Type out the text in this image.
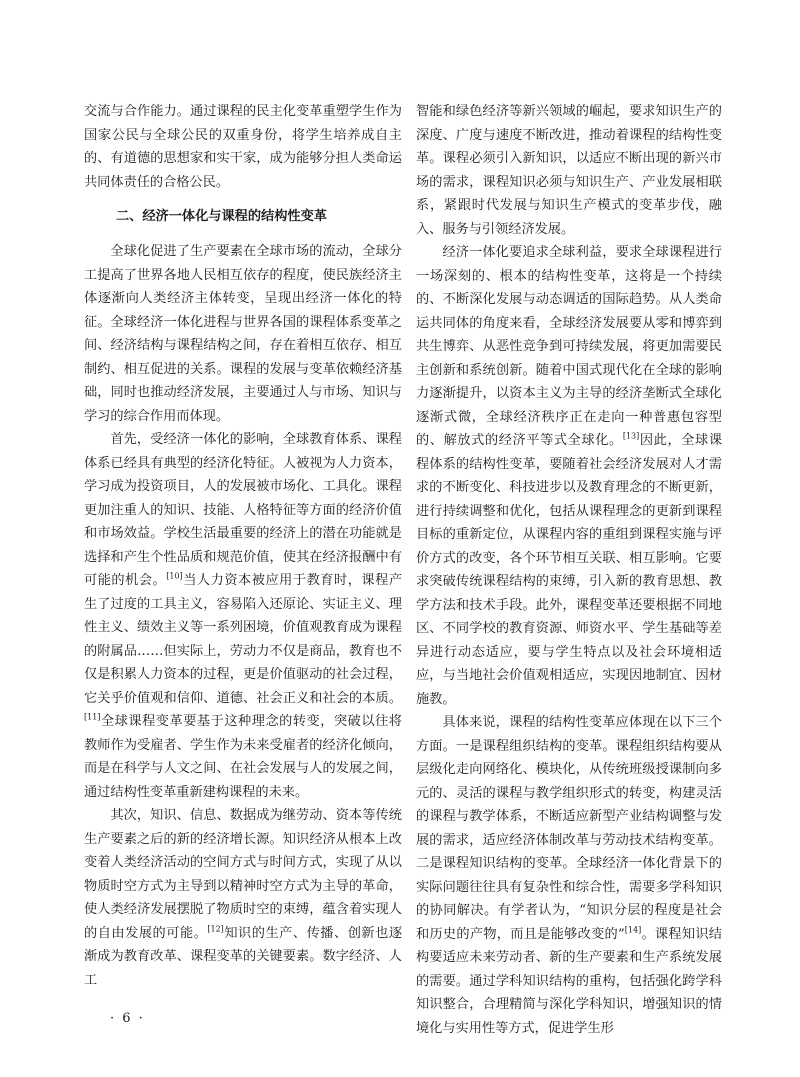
交流与合作能力。通过课程的民主化变革重塑学生作为国家公民与全球公民的双重身份，将学生培养成自主的、有道德的思想家和实干家，成为能够分担人类命运共同体责任的合格公民。

二、经济一体化与课程的结构性变革

全球化促进了生产要素在全球市场的流动，全球分工提高了世界各地人民相互依存的程度，使民族经济主体逐渐向人类经济主体转变，呈现出经济一体化的特征。全球经济一体化进程与世界各国的课程体系变革之间、经济结构与课程结构之间，存在着相互依存、相互制约、相互促进的关系。课程的发展与变革依赖经济基础，同时也推动经济发展，主要通过人与市场、知识与学习的综合作用而体现。

首先，受经济一体化的影响，全球教育体系、课程体系已经具有典型的经济化特征。人被视为人力资本，学习成为投资项目，人的发展被市场化、工具化。课程更加注重人的知识、技能、人格特征等方面的经济价值和市场效益。学校生活最重要的经济上的潜在功能就是选择和产生个性品质和规范价值，使其在经济报酬中有可能的机会。[10]当人力资本被应用于教育时，课程产生了过度的工具主义，容易陷入还原论、实证主义、理性主义、绩效主义等一系列困境，价值观教育成为课程的附属品……但实际上，劳动力不仅是商品，教育也不仅是积累人力资本的过程，更是价值驱动的社会过程，它关乎价值观和信仰、道德、社会正义和社会的本质。[11]全球课程变革要基于这种理念的转变，突破以往将教师作为受雇者、学生作为未来受雇者的经济化倾向，而是在科学与人文之间、在社会发展与人的发展之间，通过结构性变革重新建构课程的未来。

其次，知识、信息、数据成为继劳动、资本等传统生产要素之后的新的经济增长源。知识经济从根本上改变着人类经济活动的空间方式与时间方式，实现了从以物质时空方式为主导到以精神时空方式为主导的革命，使人类经济发展摆脱了物质时空的束缚，蕴含着实现人的自由发展的可能。[12]知识的生产、传播、创新也逐渐成为教育改革、课程变革的关键要素。数字经济、人工

智能和绿色经济等新兴领域的崛起，要求知识生产的深度、广度与速度不断改进，推动着课程的结构性变革。课程必须引入新知识，以适应不断出现的新兴市场的需求，课程知识必须与知识生产、产业发展相联系，紧跟时代发展与知识生产模式的变革步伐，融入、服务与引领经济发展。

经济一体化要追求全球利益，要求全球课程进行一场深刻的、根本的结构性变革，这将是一个持续的、不断深化发展与动态调适的国际趋势。从人类命运共同体的角度来看，全球经济发展要从零和博弈到共生博弈、从恶性竞争到可持续发展，将更加需要民主创新和系统创新。随着中国式现代化在全球的影响力逐渐提升，以资本主义为主导的经济垄断式全球化逐渐式微，全球经济秩序正在走向一种普惠包容型的、解放式的经济平等式全球化。[13]因此，全球课程体系的结构性变革，要随着社会经济发展对人才需求的不断变化、科技进步以及教育理念的不断更新，进行持续调整和优化，包括从课程理念的更新到课程目标的重新定位，从课程内容的重组到课程实施与评价方式的改变，各个环节相互关联、相互影响。它要求突破传统课程结构的束缚，引入新的教育思想、教学方法和技术手段。此外，课程变革还要根据不同地区、不同学校的教育资源、师资水平、学生基础等差异进行动态适应，要与学生特点以及社会环境相适应，与当地社会价值观相适应，实现因地制宜、因材施教。

具体来说，课程的结构性变革应体现在以下三个方面。一是课程组织结构的变革。课程组织结构要从层级化走向网络化、模块化，从传统班级授课制向多元的、灵活的课程与教学组织形式的转变，构建灵活的课程与教学体系，不断适应新型产业结构调整与发展的需求，适应经济体制改革与劳动技术结构变革。二是课程知识结构的变革。全球经济一体化背景下的实际问题往往具有复杂性和综合性，需要多学科知识的协同解决。有学者认为，“知识分层的程度是社会和历史的产物，而且是能够改变的”[14]。课程知识结构要适应未来劳动者、新的生产要素和生产系统发展的需要。通过学科知识结构的重构，包括强化跨学科知识整合，合理精简与深化学科知识，增强知识的情境化与实用性等方式，促进学生形

· 6 ·
